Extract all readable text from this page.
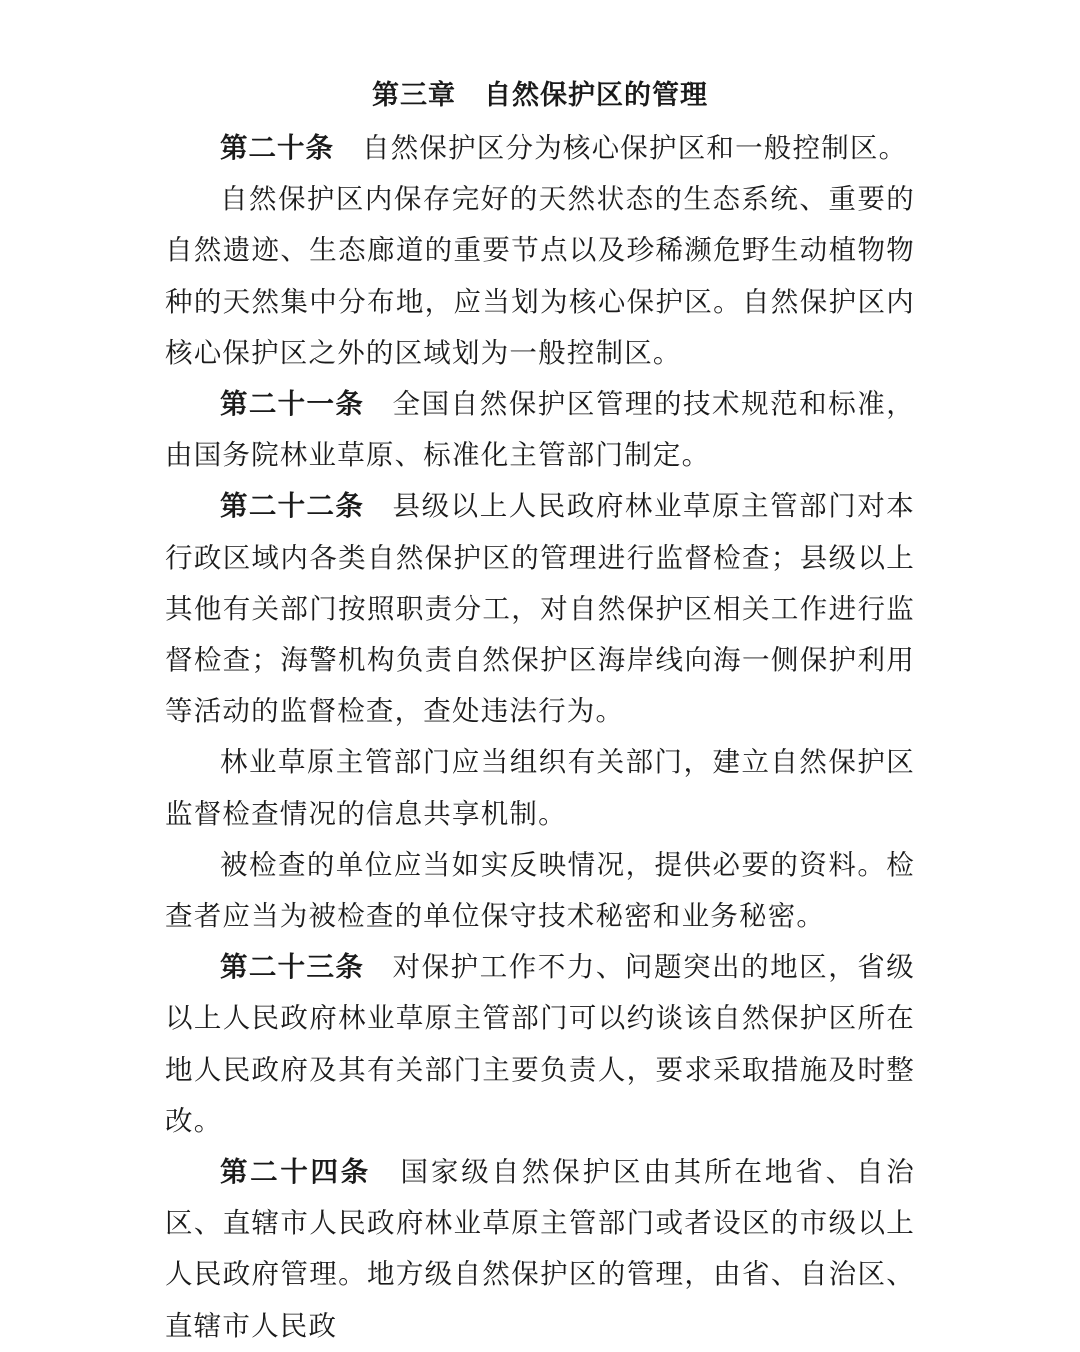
第三章 自然保护区的管理

第二十条 自然保护区分为核心保护区和一般控制区。

自然保护区内保存完好的天然状态的生态系统、重要的自然遗迹、生态廊道的重要节点以及珍稀濒危野生动植物物种的天然集中分布地，应当划为核心保护区。自然保护区内核心保护区之外的区域划为一般控制区。

第二十一条 全国自然保护区管理的技术规范和标准，由国务院林业草原、标准化主管部门制定。

第二十二条 县级以上人民政府林业草原主管部门对本行政区域内各类自然保护区的管理进行监督检查；县级以上其他有关部门按照职责分工，对自然保护区相关工作进行监督检查；海警机构负责自然保护区海岸线向海一侧保护利用等活动的监督检查，查处违法行为。

林业草原主管部门应当组织有关部门，建立自然保护区监督检查情况的信息共享机制。

被检查的单位应当如实反映情况，提供必要的资料。检查者应当为被检查的单位保守技术秘密和业务秘密。

第二十三条 对保护工作不力、问题突出的地区，省级以上人民政府林业草原主管部门可以约谈该自然保护区所在地人民政府及其有关部门主要负责人，要求采取措施及时整改。

第二十四条 国家级自然保护区由其所在地省、自治区、直辖市人民政府林业草原主管部门或者设区的市级以上人民政府管理。地方级自然保护区的管理，由省、自治区、直辖市人民政
